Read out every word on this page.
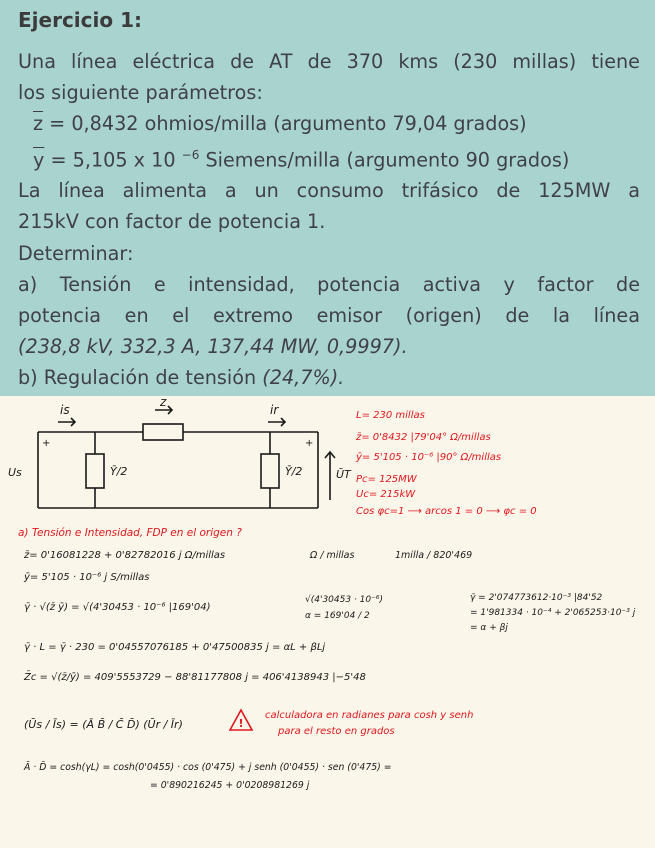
Ejercicio 1:
Una línea eléctrica de AT de 370 kms (230 millas) tiene
los siguiente parámetros:
$\overline{z} = 0,8432$ ohmios/milla (argumento 79,04 grados)
$\overline{y} = 5,105$ x 10 $^{-6}$ Siemens/milla (argumento 90 grados)
La línea alimenta a un consumo trifásico de 125MW a
215kV con factor de potencia 1.
Determinar:
a) Tensión e intensidad, potencia activa y factor de
potencia en el extremo emisor (origen) de la línea
(238,8 kV, 332,3 A, 137,44 MW, 0,9997).
b) Regulación de tensión (24,7%).
is
z
ir
Us	Ȳ/2	Ȳ/2	ŪT
+	+
L= 230 millas
z̄= 0'8432 |79'04° Ω/millas
ȳ= 5'105 · 10⁻⁶ |90° Ω/millas
Pc= 125MW
Uc= 215kW
Cos φc=1 ⟶ arcos 1 = 0 ⟶ φc = 0
a) Tensión e Intensidad, FDP en el origen ?
Ω / millas	1milla / 820'469
z̄= 0'16081228 + 0'82782016 j Ω/millas
ȳ= 5'105 · 10⁻⁶ j S/millas
γ̄ · √(z̄ ȳ) = √(4'30453 · 10⁻⁶ |169'04)
√(4'30453 · 10⁻⁶)
α = 169'04 / 2
γ̄ = 2'074773612·10⁻³ |84'52
= 1'981334 · 10⁻⁴ + 2'065253·10⁻³ j
= α + βj
γ̄ · L = γ̄ · 230 = 0'04557076185 + 0'47500835 j = αL + βLj
Z̄c = √(z̄/ȳ) = 409'5553729 − 88'81177808 j = 406'4138943 |−5'48
(Ūs / Īs) = (Ā B̄ / C̄ D̄) (Ūr / Īr)	!
calculadora en radianes para cosh y senh
para el resto en grados
Ā · D̄ = cosh(γL) = cosh(0'0455) · cos (0'475) + j senh (0'0455) · sen (0'475) =
= 0'890216245 + 0'0208981269 j
